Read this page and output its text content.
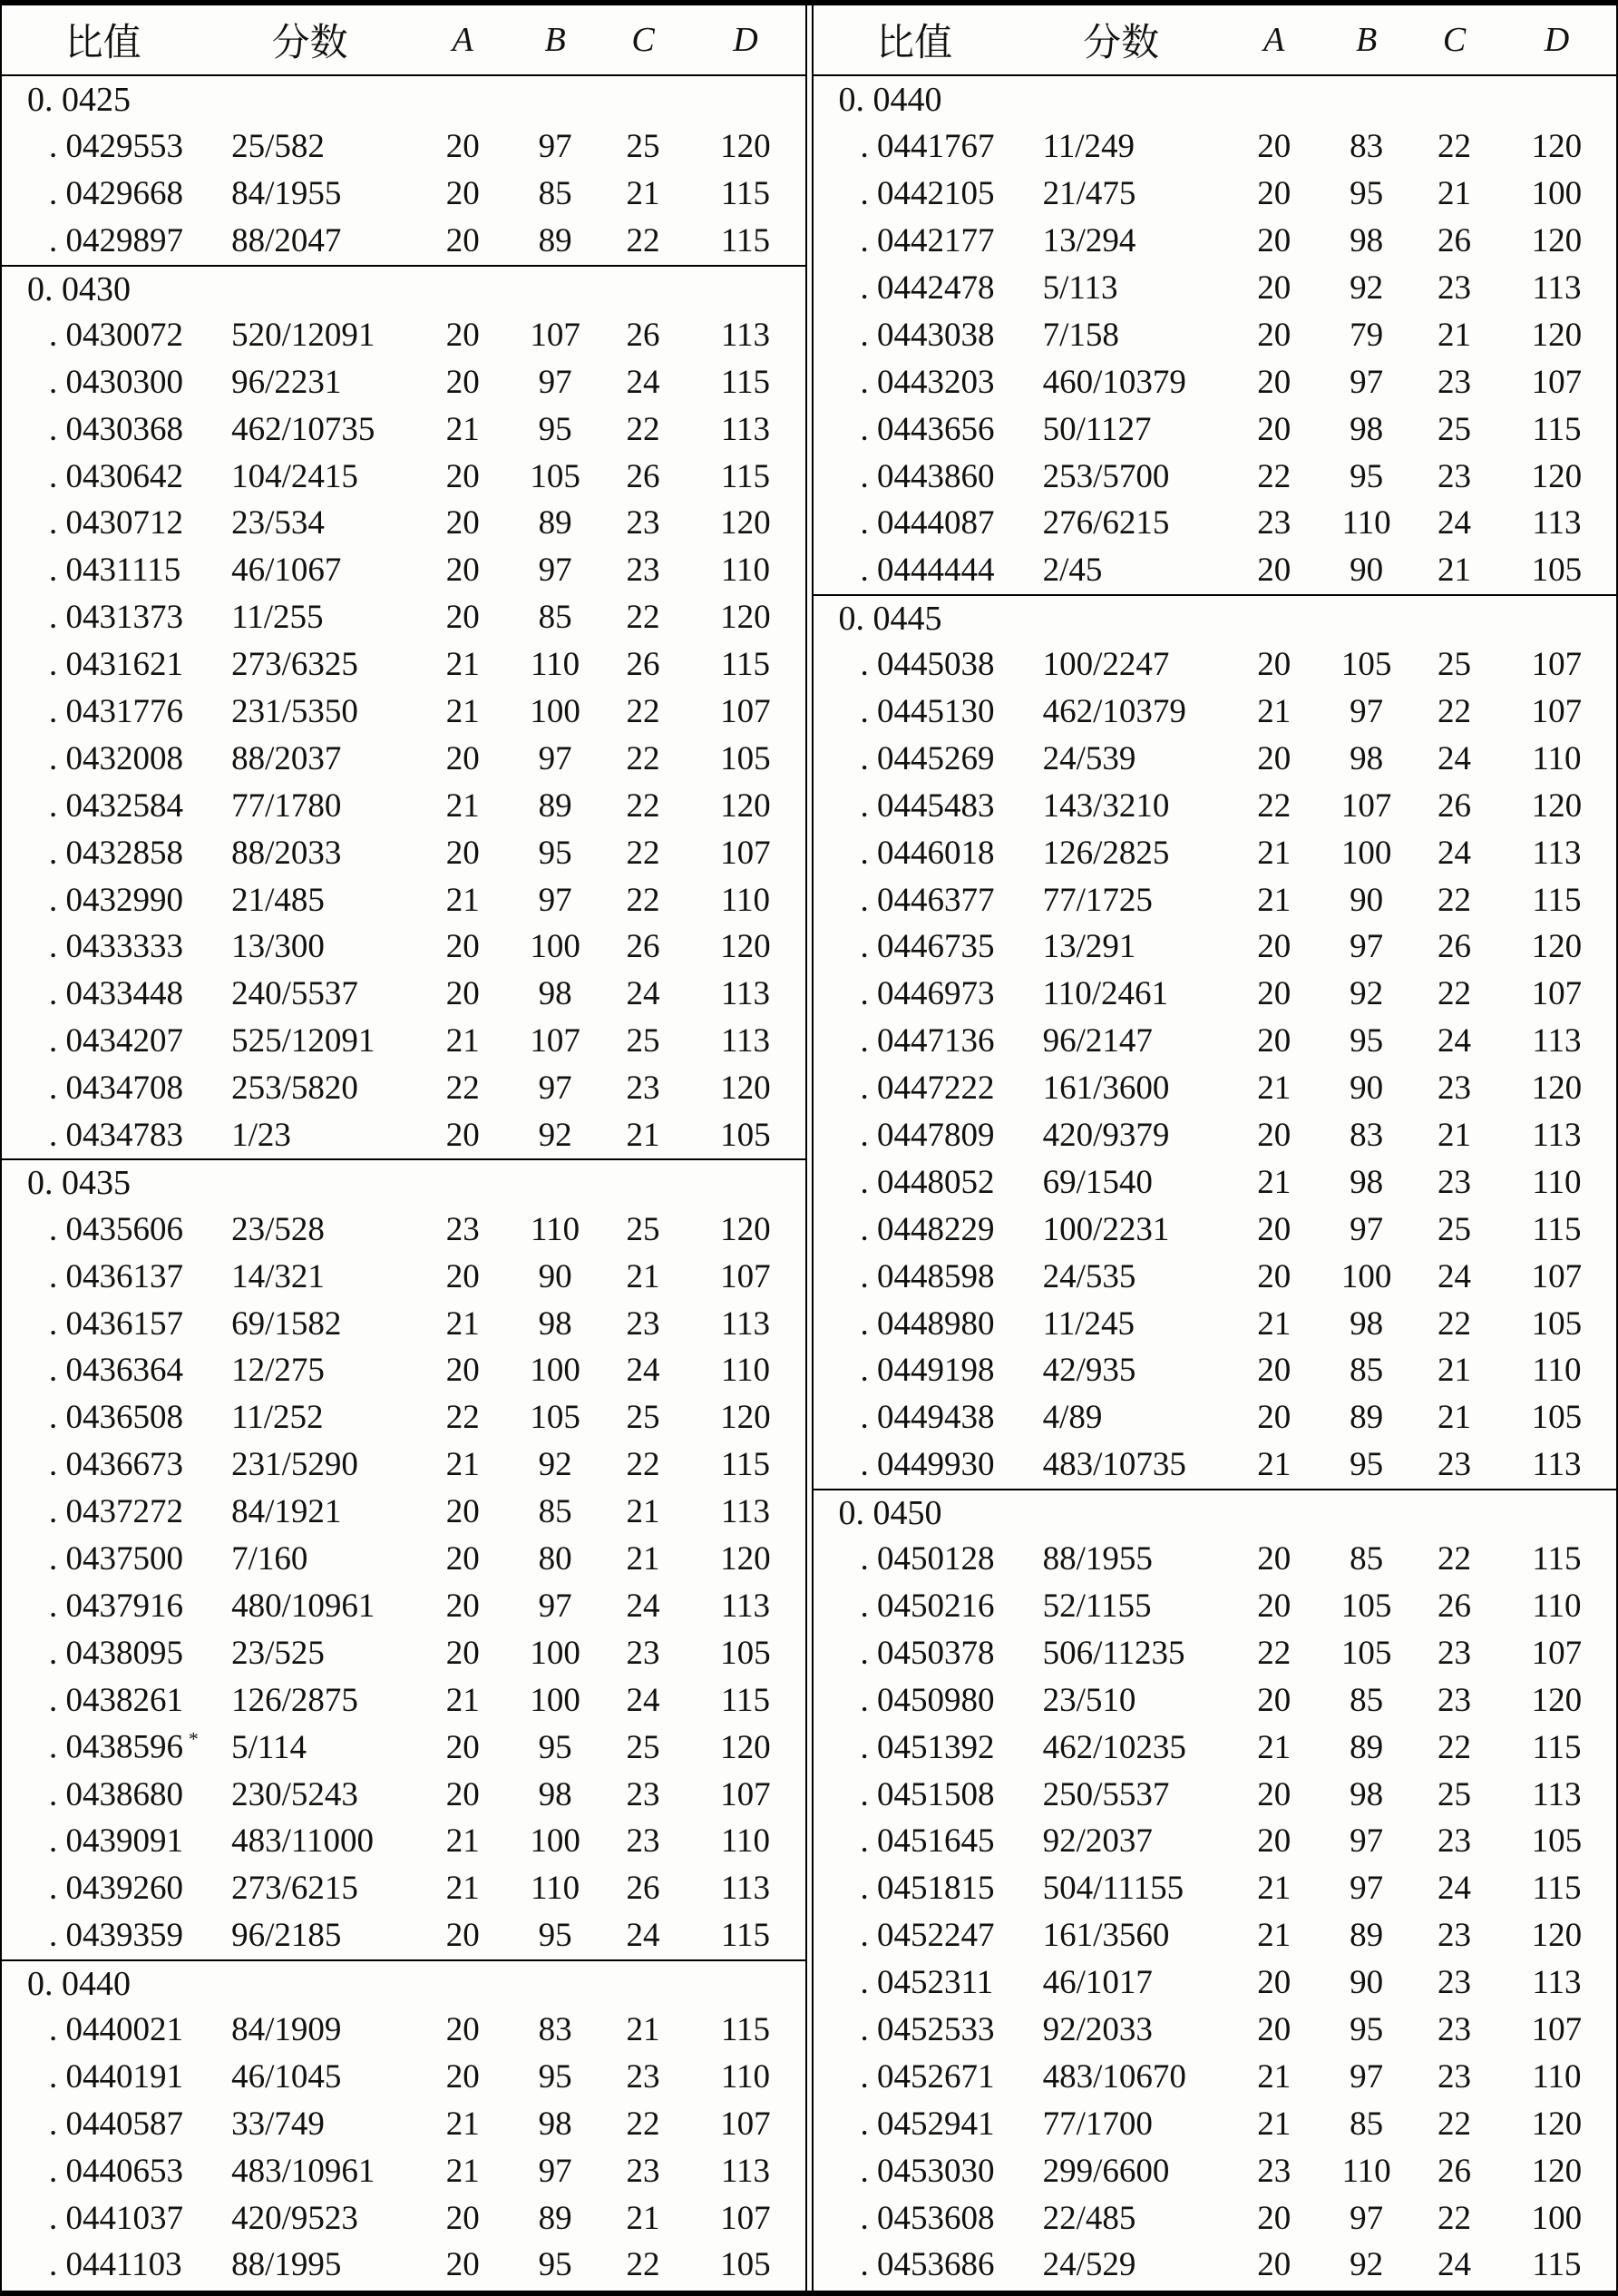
比值	分数	A	B	C	D
0. 0425
. 0429553	25/582	20	97	25	120
. 0429668	84/1955	20	85	21	115
. 0429897	88/2047	20	89	22	115
0. 0430
. 0430072	520/12091	20	107	26	113
. 0430300	96/2231	20	97	24	115
. 0430368	462/10735	21	95	22	113
. 0430642	104/2415	20	105	26	115
. 0430712	23/534	20	89	23	120
. 0431115	46/1067	20	97	23	110
. 0431373	11/255	20	85	22	120
. 0431621	273/6325	21	110	26	115
. 0431776	231/5350	21	100	22	107
. 0432008	88/2037	20	97	22	105
. 0432584	77/1780	21	89	22	120
. 0432858	88/2033	20	95	22	107
. 0432990	21/485	21	97	22	110
. 0433333	13/300	20	100	26	120
. 0433448	240/5537	20	98	24	113
. 0434207	525/12091	21	107	25	113
. 0434708	253/5820	22	97	23	120
. 0434783	1/23	20	92	21	105
0. 0435
. 0435606	23/528	23	110	25	120
. 0436137	14/321	20	90	21	107
. 0436157	69/1582	21	98	23	113
. 0436364	12/275	20	100	24	110
. 0436508	11/252	22	105	25	120
. 0436673	231/5290	21	92	22	115
. 0437272	84/1921	20	85	21	113
. 0437500	7/160	20	80	21	120
. 0437916	480/10961	20	97	24	113
. 0438095	23/525	20	100	23	105
. 0438261	126/2875	21	100	24	115
. 0438596 * 5/114	20	95	25	120
. 0438680	230/5243	20	98	23	107
. 0439091	483/11000	21	100	23	110
. 0439260	273/6215	21	110	26	113
. 0439359	96/2185	20	95	24	115
0. 0440
. 0440021	84/1909	20	83	21	115
. 0440191	46/1045	20	95	23	110
. 0440587	33/749	21	98	22	107
. 0440653	483/10961	21	97	23	113
. 0441037	420/9523	20	89	21	107
. 0441103	88/1995	20	95	22	105
比值	分数	A	B	C	D
0. 0440
. 0441767	11/249	20	83	22	120
. 0442105	21/475	20	95	21	100
. 0442177	13/294	20	98	26	120
. 0442478	5/113	20	92	23	113
. 0443038	7/158	20	79	21	120
. 0443203	460/10379	20	97	23	107
. 0443656	50/1127	20	98	25	115
. 0443860	253/5700	22	95	23	120
. 0444087	276/6215	23	110	24	113
. 0444444	2/45	20	90	21	105
0. 0445
. 0445038	100/2247	20	105	25	107
. 0445130	462/10379	21	97	22	107
. 0445269	24/539	20	98	24	110
. 0445483	143/3210	22	107	26	120
. 0446018	126/2825	21	100	24	113
. 0446377	77/1725	21	90	22	115
. 0446735	13/291	20	97	26	120
. 0446973	110/2461	20	92	22	107
. 0447136	96/2147	20	95	24	113
. 0447222	161/3600	21	90	23	120
. 0447809	420/9379	20	83	21	113
. 0448052	69/1540	21	98	23	110
. 0448229	100/2231	20	97	25	115
. 0448598	24/535	20	100	24	107
. 0448980	11/245	21	98	22	105
. 0449198	42/935	20	85	21	110
. 0449438	4/89	20	89	21	105
. 0449930	483/10735	21	95	23	113
0. 0450
. 0450128	88/1955	20	85	22	115
. 0450216	52/1155	20	105	26	110
. 0450378	506/11235	22	105	23	107
. 0450980	23/510	20	85	23	120
. 0451392	462/10235	21	89	22	115
. 0451508	250/5537	20	98	25	113
. 0451645	92/2037	20	97	23	105
. 0451815	504/11155	21	97	24	115
. 0452247	161/3560	21	89	23	120
. 0452311	46/1017	20	90	23	113
. 0452533	92/2033	20	95	23	107
. 0452671	483/10670	21	97	23	110
. 0452941	77/1700	21	85	22	120
. 0453030	299/6600	23	110	26	120
. 0453608	22/485	20	97	22	100
. 0453686	24/529	20	92	24	115
